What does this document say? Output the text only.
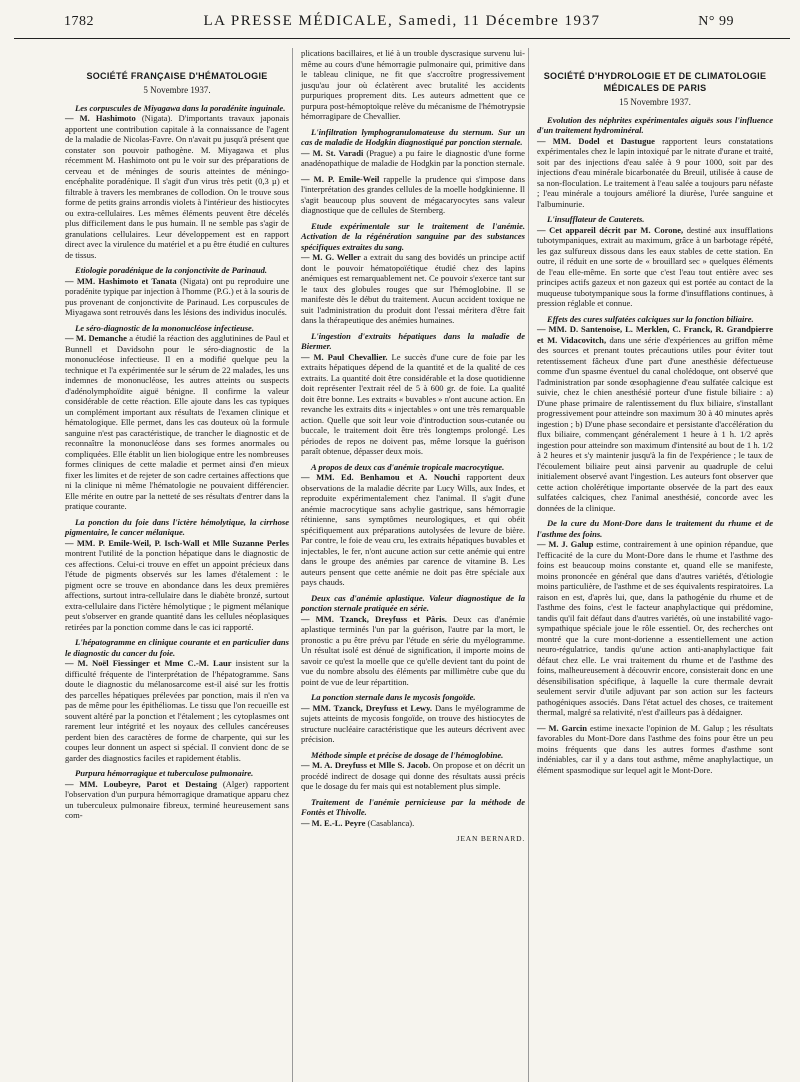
1782	LA PRESSE MÉDICALE, Samedi, 11 Décembre 1937	N° 99
SOCIÉTÉ FRANÇAISE D'HÉMATOLOGIE
5 Novembre 1937.
Les corpuscules de Miyagawa dans la poradénite inguinale.
— M. Hashimoto (Nigata). D'importants travaux japonais apportent une contribution capitale à la connaissance de l'agent de la maladie de Nicolas-Favre. On n'avait pu jusqu'à présent que constater son pouvoir pathogène. M. Miyagawa et plus récemment M. Hashimoto ont pu le voir sur des préparations de cerveau et de méninges de souris atteintes de méningo-encéphalite poradénique. Il s'agit d'un virus très petit (0,3 µ) et filtrable à travers les membranes de collodion. On le trouve sous forme de petits grains arrondis violets à l'intérieur des histiocytes ou extra-cellulaires. Les mêmes éléments peuvent être décelés plus difficilement dans le pus humain. Il ne semble pas s'agir de granulations cellulaires. Leur développement est en rapport direct avec la virulence du matériel et a pu être étudié en cultures de tissus.
Etiologie poradénique de la conjonctivite de Parinaud.
— MM. Hashimoto et Tanata (Nigata) ont pu reproduire une poradénite typique par injection à l'homme (P.G.) et à la souris de pus provenant de conjonctivite de Parinaud. Les corpuscules de Miyagawa sont retrouvés dans les lésions des individus inoculés.
Le séro-diagnostic de la mononucléose infectieuse.
— M. Demanche a étudié la réaction des agglutinines de Paul et Bunnell et Davidsohn pour le séro-diagnostic de la mononucléose infectieuse. Il en a modifié quelque peu la technique et l'a expérimentée sur le sérum de 22 malades, les uns indemnes de mononucléose, les autres atteints ou suspects d'adénolymphoïdite aiguë bénigne. Il confirme la valeur considérable de cette réaction. Elle ajoute dans les cas typiques un complément important aux résultats de l'examen clinique et hématologique. Elle permet, dans les cas douteux où la formule sanguine n'est pas caractéristique, de trancher le diagnostic et de reconnaître la mononucléose dans ses formes anormales ou compliquées. Elle établit un lien biologique entre les nombreuses formes cliniques de cette maladie et permet ainsi d'en mieux fixer les limites et de rejeter de son cadre certaines affections que ni la clinique ni même l'hématologie ne pouvaient différencier. Elle mérite en outre par la netteté de ses résultats d'entrer dans la pratique courante.
La ponction du foie dans l'ictère hémolytique, la cirrhose pigmentaire, le cancer mélanique.
— MM. P. Emile-Weil, P. Isch-Wall et Mlle Suzanne Perles montrent l'utilité de la ponction hépatique dans le diagnostic de ces affections. Celui-ci trouve en effet un appoint précieux dans l'étude de pigments observés sur les lames d'étalement : le pigment ocre se trouve en abondance dans les deux premières affections, surtout intra-cellulaire dans le diabète bronzé, surtout extra-cellulaire dans l'ictère hémolytique ; le pigment mélanique peut s'observer en grande quantité dans les cellules néoplasiques retirées par la ponction comme dans le cas ici rapporté.
L'hépatogramme en clinique courante et en particulier dans le diagnostic du cancer du foie.
— M. Noël Fiessinger et Mme C.-M. Laur insistent sur la difficulté fréquente de l'interprétation de l'hépatogramme. Sans doute le diagnostic du mélanosarcome est-il aisé sur les frottis des parcelles hépatiques prélevées par ponction, mais il n'en va pas de même pour les épithéliomas. Le tissu que l'on recueille est souvent altéré par la ponction et l'étalement ; les cytoplasmes ont rarement leur intégrité et les noyaux des cellules cancéreuses perdent bien des caractères de forme de charpente, qui sur les coupes leur donnent un aspect si spécial. Il convient donc de se garder des diagnostics faciles et rapidement établis.
Purpura hémorragique et tuberculose pulmonaire.
— MM. Loubeyre, Parot et Destaing (Alger) rapportent l'observation d'un purpura hémorragique dramatique apparu chez un tuberculeux pulmonaire fibreux, terminé heureusement sans com-
plications bacillaires, et lié à un trouble dyscrasique survenu lui-même au cours d'une hémorragie pulmonaire qui, primitive dans le tableau clinique, ne fit que s'accroître progressivement jusqu'au jour où éclatèrent avec brutalité les accidents purpuriques proprement dits. Les auteurs admettent que ce purpura post-hémoptoïque relève du mécanisme de l'hémotrypsie hémorragipare de Chevallier.
L'infiltration lymphogranulomateuse du sternum. Sur un cas de maladie de Hodgkin diagnostiqué par ponction sternale.
— M. St. Varadi (Prague) a pu faire le diagnostic d'une forme anadénopathique de maladie de Hodgkin par la ponction sternale.
— M. P. Emile-Weil rappelle la prudence qui s'impose dans l'interprétation des grandes cellules de la moelle hodgkinienne. Il s'agit beaucoup plus souvent de mégacaryocytes sans valeur diagnostique que de cellules de Sternberg.
Etude expérimentale sur le traitement de l'anémie. Activation de la régénération sanguine par des substances spécifiques extraites du sang.
— M. G. Weller a extrait du sang des bovidés un principe actif dont le pouvoir hématopoïétique étudié chez des lapins anémiques est remarquablement net. Ce pouvoir s'exerce tant sur le taux des globules rouges que sur l'hémoglobine. Il se manifeste dès le début du traitement. Aucun accident toxique ne suit l'administration du produit dont l'essai méritera d'être fait dans la thérapeutique des anémies humaines.
L'ingestion d'extraits hépatiques dans la maladie de Biermer.
— M. Paul Chevallier. Le succès d'une cure de foie par les extraits hépatiques dépend de la quantité et de la qualité de ces extraits. La quantité doit être considérable et la dose quotidienne doit représenter l'extrait réel de 5 à 600 gr. de foie. La qualité doit être bonne. Les extraits « buvables » n'ont aucune action. En revanche les extraits dits « injectables » ont une très remarquable action. Quelle que soit leur voie d'introduction sous-cutanée ou buccale, le traitement doit être très longtemps prolongé. Les périodes de repos ne doivent pas, même lorsque la guérison paraît obtenue, dépasser deux mois.
A propos de deux cas d'anémie tropicale macrocytique.
— MM. Ed. Benhamou et A. Nouchi rapportent deux observations de la maladie décrite par Lucy Wills, aux Indes, et reproduite expérimentalement chez l'animal. Il s'agit d'une anémie macrocytique sans achylie gastrique, sans hémorragie rétinienne, sans symptômes neurologiques, et qui obéit spécifiquement aux préparations autolysées de levure de bière. Par contre, le foie de veau cru, les extraits hépatiques buvables et injectables, le fer, n'ont aucune action sur cette anémie qui entre dans le groupe des anémies par carence de vitamine B. Les auteurs pensent que cette anémie ne doit pas être spéciale aux pays chauds.
Deux cas d'anémie aplastique. Valeur diagnostique de la ponction sternale pratiquée en série.
— MM. Tzanck, Dreyfuss et Pâris. Deux cas d'anémie aplastique terminés l'un par la guérison, l'autre par la mort, le pronostic a pu être prévu par l'étude en série du myélogramme. Un résultat isolé est dénué de signification, il importe moins de savoir ce qu'est la moelle que ce qu'elle devient tant du point de vue du nombre absolu des éléments par millimètre cube que du point de vue de leur répartition.
La ponction sternale dans le mycosis fongoïde.
— MM. Tzanck, Dreyfuss et Lewy. Dans le myélogramme de sujets atteints de mycosis fongoïde, on trouve des histiocytes de structure nucléaire caractéristique que les auteurs décrivent avec précision.
Méthode simple et précise de dosage de l'hémoglobine.
— M. A. Dreyfuss et Mlle S. Jacob. On propose et on décrit un procédé indirect de dosage qui donne des résultats aussi précis que le dosage du fer mais qui est notablement plus simple.
Traitement de l'anémie pernicieuse par la méthode de Fontès et Thivolle.
— M. E.-L. Peyre (Casablanca).
JEAN BERNARD.
SOCIÉTÉ D'HYDROLOGIE ET DE CLIMATOLOGIE MÉDICALES DE PARIS
15 Novembre 1937.
Evolution des néphrites expérimentales aiguës sous l'influence d'un traitement hydrominéral.
— MM. Dodel et Dastugue rapportent leurs constatations expérimentales chez le lapin intoxiqué par le nitrate d'urane et traité, soit par des injections d'eau salée à 9 pour 1000, soit par des injections d'eau minérale bicarbonatée du Breuil, utilisée à cause de sa non-floculation. Le traitement à l'eau salée a toujours paru néfaste ; l'eau minérale a toujours amélioré la diurèse, l'urée sanguine et l'albuminurie.
L'insufflateur de Cauterets.
— Cet appareil décrit par M. Corone, destiné aux insufflations tubotympaniques, extrait au maximum, grâce à un barbotage répété, les gaz sulfureux dissous dans les eaux stables de cette station. En outre, il réduit en une sorte de « brouillard sec » quelques éléments de l'eau elle-même. En sorte que c'est l'eau tout entière avec ses principes actifs gazeux et non gazeux qui est portée au contact de la muqueuse tubotympanique sous la forme d'insufflations continues, à pression réglable et connue.
Effets des cures sulfatées calciques sur la fonction biliaire.
— MM. D. Santenoise, L. Merklen, C. Franck, R. Grandpierre et M. Vidacovitch, dans une série d'expériences au griffon même des sources et prenant toutes précautions utiles pour éviter tout retentissement fâcheux d'une part d'une anesthésie défectueuse comme d'un spasme éventuel du canal cholédoque, ont observé que l'administration par sonde œsophagienne d'eau sulfatée calcique est suivie, chez le chien anesthésié porteur d'une fistule biliaire : a) D'une phase primaire de ralentissement du flux biliaire, s'installant progressivement pour atteindre son maximum 30 à 40 minutes après ingestion ; b) D'une phase secondaire et persistante d'accélération du flux biliaire, commençant généralement 1 heure à 1 h. 1/2 après ingestion pour atteindre son maximum d'intensité au bout de 1 h. 1/2 à 2 heures et s'y maintenir jusqu'à la fin de l'expérience ; le taux de l'écoulement biliaire peut ainsi parvenir au quadruple de celui initialement observé avant l'ingestion. Les auteurs font observer que cette action cholérétique importante observée de la part des eaux sulfatées calciques, chez l'animal anesthésié, concorde avec les données de la clinique.
De la cure du Mont-Dore dans le traitement du rhume et de l'asthme des foins.
— M. J. Galup estime, contrairement à une opinion répandue, que l'efficacité de la cure du Mont-Dore dans le rhume et l'asthme des foins est beaucoup moins constante et, quand elle se manifeste, moins prononcée en général que dans d'autres variétés, d'étiologie moins particulière, de l'asthme et de ses équivalents respiratoires. La raison en est, d'après lui, que, dans la pathogénie du rhume et de l'asthme des foins, c'est le facteur anaphylactique qui prédomine, tandis qu'il fait défaut dans d'autres variétés, où une instabilité vago-sympathique spéciale joue le rôle essentiel. Or, des recherches ont montré que la cure mont-dorienne a essentiellement une action neuro-régulatrice, tandis qu'une action anti-anaphylactique fait défaut chez elle. Le vrai traitement du rhume et de l'asthme des foins, malheureusement à découvrir encore, consisterait donc en une désensibilisation spécifique, à laquelle la cure thermale devrait seulement servir d'utile adjuvant par son action sur les facteurs pathogéniques associés. Dans l'état actuel des choses, ce traitement thermal, malgré sa relativité, n'est d'ailleurs pas à dédaigner.
— M. Garcin estime inexacte l'opinion de M. Galup ; les résultats favorables du Mont-Dore dans l'asthme des foins pour être un peu moins fréquents que dans les autres formes d'asthme sont indéniables, car il y a dans tout asthme, même anaphylactique, un élément spasmodique sur lequel agit le Mont-Dore.
